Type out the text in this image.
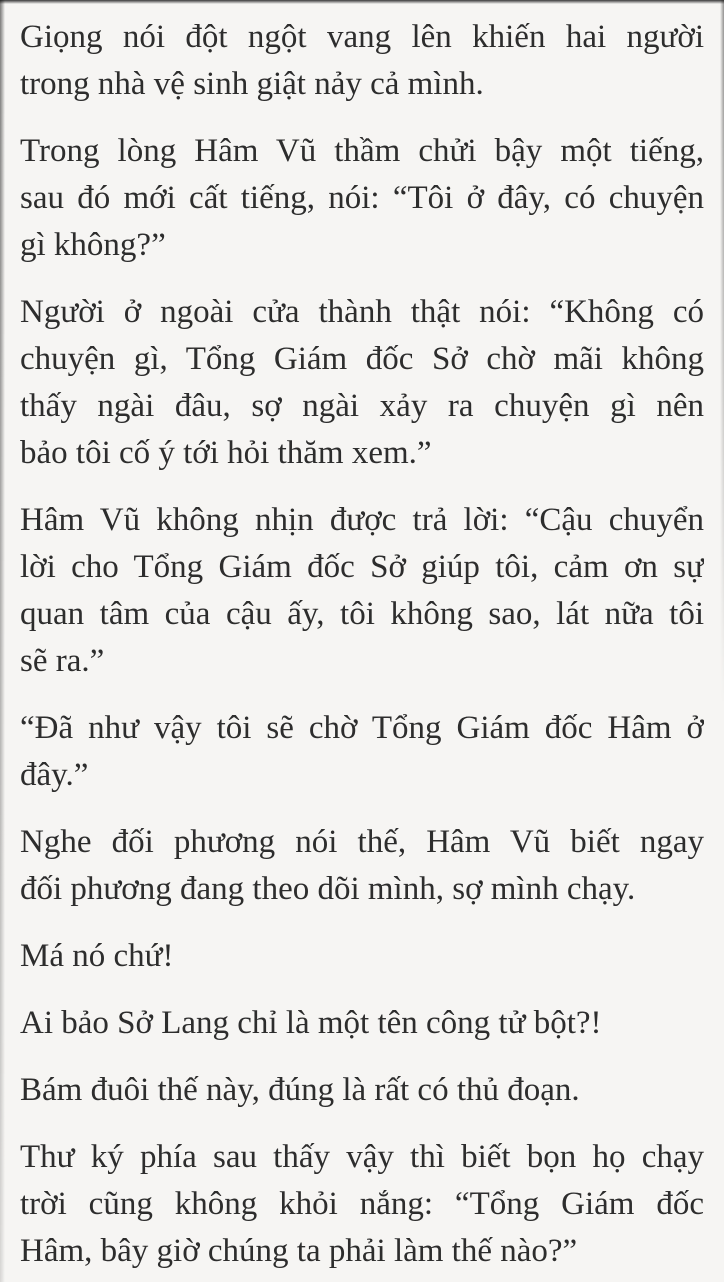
Giọng nói đột ngột vang lên khiến hai người
trong nhà vệ sinh giật nảy cả mình.

Trong lòng Hâm Vũ thầm chửi bậy một tiếng,
sau đó mới cất tiếng, nói: “Tôi ở đây, có chuyện
gì không?”

Người ở ngoài cửa thành thật nói: “Không có
chuyện gì, Tổng Giám đốc Sở chờ mãi không
thấy ngài đâu, sợ ngài xảy ra chuyện gì nên
bảo tôi cố ý tới hỏi thăm xem.”

Hâm Vũ không nhịn được trả lời: “Cậu chuyển
lời cho Tổng Giám đốc Sở giúp tôi, cảm ơn sự
quan tâm của cậu ấy, tôi không sao, lát nữa tôi
sẽ ra.”

“Đã như vậy tôi sẽ chờ Tổng Giám đốc Hâm ở
đây.”

Nghe đối phương nói thế, Hâm Vũ biết ngay
đối phương đang theo dõi mình, sợ mình chạy.

Má nó chứ!

Ai bảo Sở Lang chỉ là một tên công tử bột?!

Bám đuôi thế này, đúng là rất có thủ đoạn.

Thư ký phía sau thấy vậy thì biết bọn họ chạy
trời cũng không khỏi nắng: “Tổng Giám đốc
Hâm, bây giờ chúng ta phải làm thế nào?”
